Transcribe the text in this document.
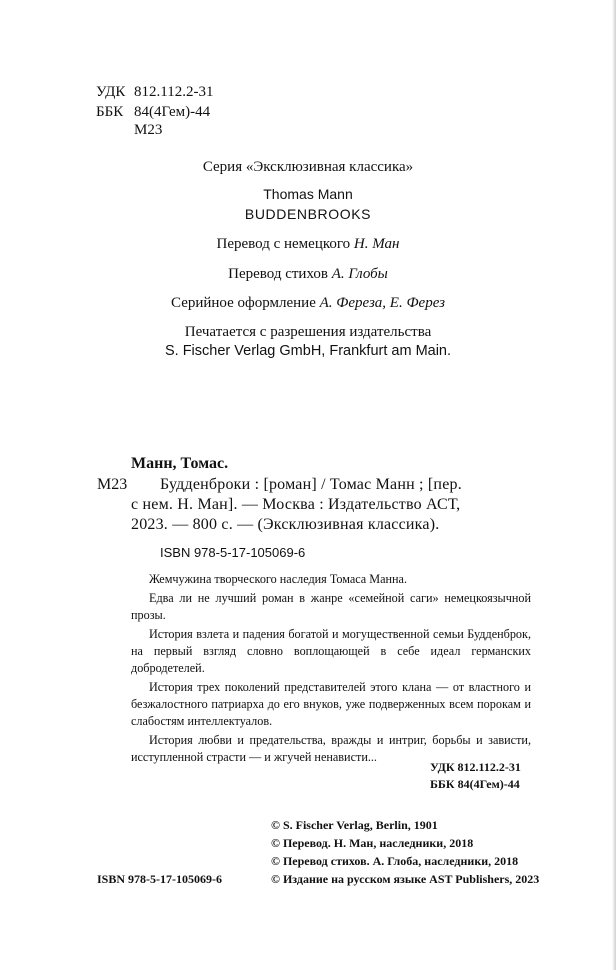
УДК 812.112.2-31
ББК 84(4Гем)-44
М23
Серия «Эксклюзивная классика»
Thomas Mann
BUDDENBROOKS
Перевод с немецкого Н. Ман
Перевод стихов А. Глобы
Серийное оформление А. Фереза, Е. Ферез
Печатается с разрешения издательства
S. Fischer Verlag GmbH, Frankfurt am Main.
Манн, Томас.
М23 Будденброки : [роман] / Томас Манн ; [пер.
с нем. Н. Ман]. — Москва : Издательство АСТ,
2023. — 800 с. — (Эксклюзивная классика).
ISBN 978-5-17-105069-6

Жемчужина творческого наследия Томаса Манна.

Едва ли не лучший роман в жанре «семейной саги» немецкоязычной прозы.

История взлета и падения богатой и могущественной семьи Будденброк, на первый взгляд словно воплощающей в себе идеал германских добродетелей.

История трех поколений представителей этого клана — от властного и безжалостного патриарха до его внуков, уже подверженных всем порокам и слабостям интеллектуалов.

История любви и предательства, вражды и интриг, борьбы и зависти, исступленной страсти — и жгучей ненависти...

УДК 812.112.2-31
ББК 84(4Гем)-44
© S. Fischer Verlag, Berlin, 1901
© Перевод. Н. Ман, наследники, 2018
© Перевод стихов. А. Глоба, наследники, 2018
ISBN 978-5-17-105069-6	© Издание на русском языке AST Publishers, 2023
